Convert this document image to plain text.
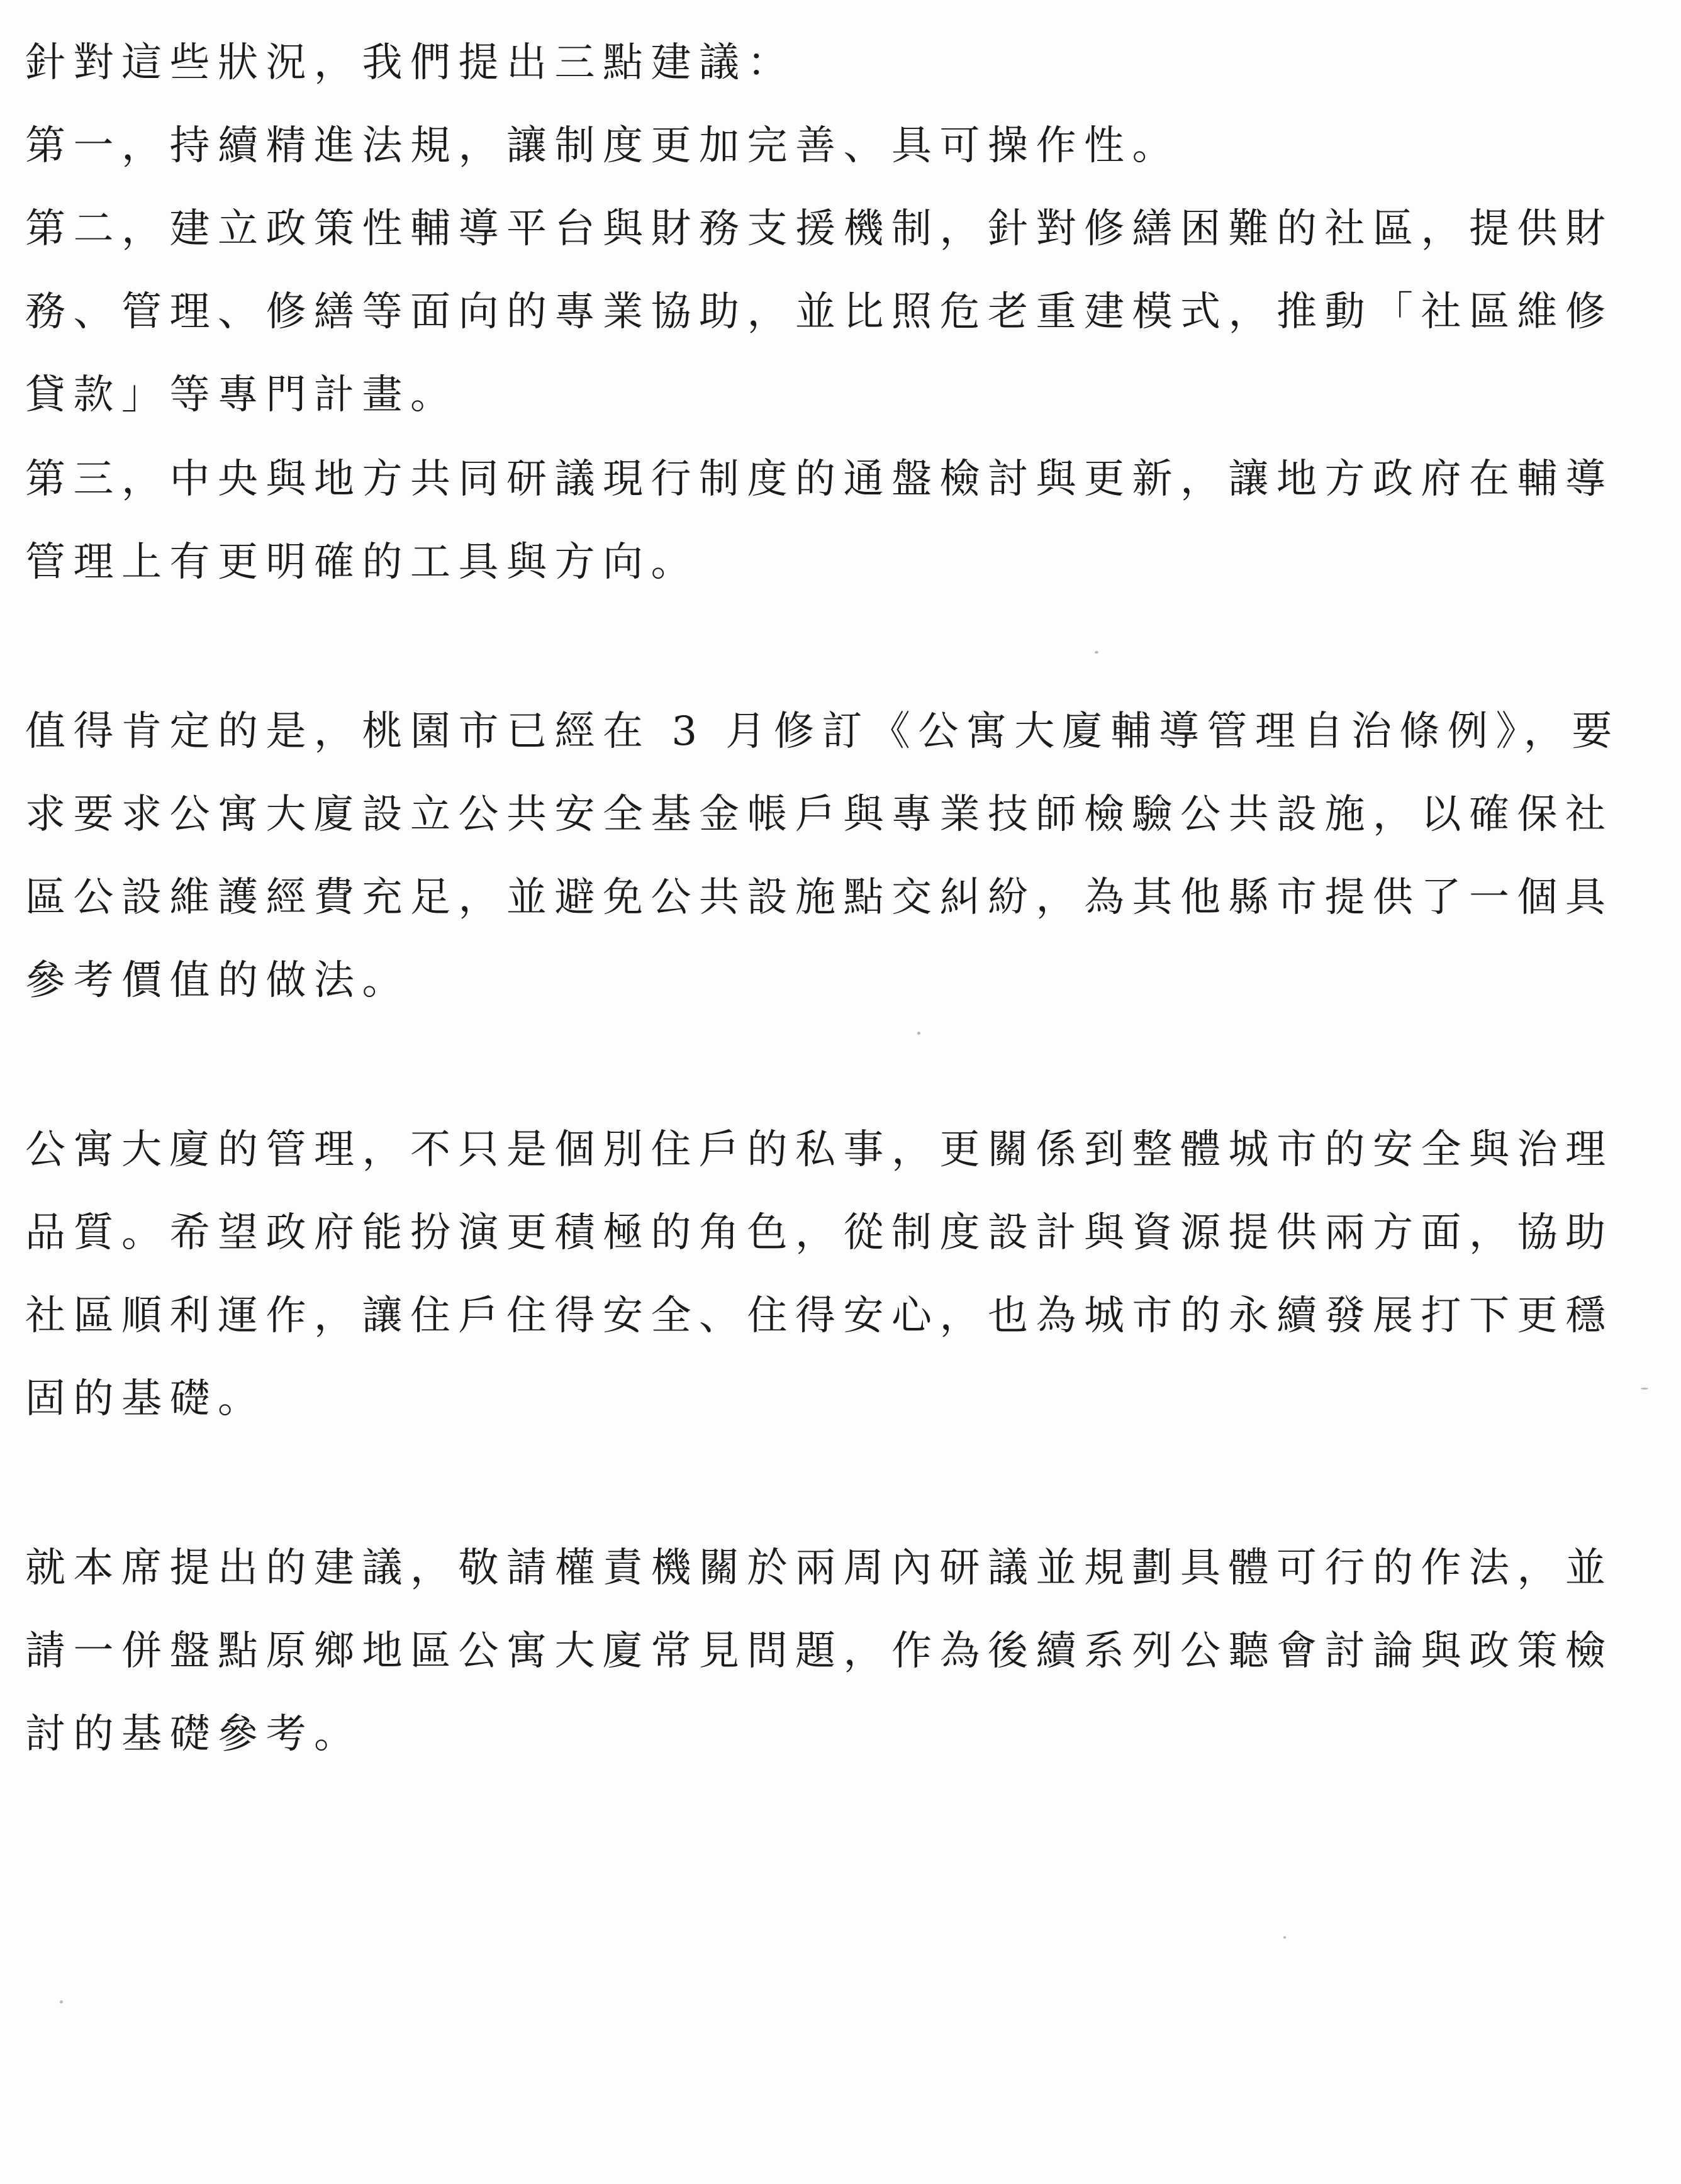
針對這些狀況，我們提出三點建議：
第一，持續精進法規，讓制度更加完善、具可操作性。
第二，建立政策性輔導平台與財務支援機制，針對修繕困難的社區，提供財
務、管理、修繕等面向的專業協助，並比照危老重建模式，推動「社區維修
貸款」等專門計畫。
第三，中央與地方共同研議現行制度的通盤檢討與更新，讓地方政府在輔導
管理上有更明確的工具與方向。
值得肯定的是，桃園市已經在 3 月修訂《公寓大廈輔導管理自治條例》，要
求要求公寓大廈設立公共安全基金帳戶與專業技師檢驗公共設施，以確保社
區公設維護經費充足，並避免公共設施點交糾紛，為其他縣市提供了一個具
參考價值的做法。
公寓大廈的管理，不只是個別住戶的私事，更關係到整體城市的安全與治理
品質。希望政府能扮演更積極的角色，從制度設計與資源提供兩方面，協助
社區順利運作，讓住戶住得安全、住得安心，也為城市的永續發展打下更穩
固的基礎。
就本席提出的建議，敬請權責機關於兩周內研議並規劃具體可行的作法，並
請一併盤點原鄉地區公寓大廈常見問題，作為後續系列公聽會討論與政策檢
討的基礎參考。
